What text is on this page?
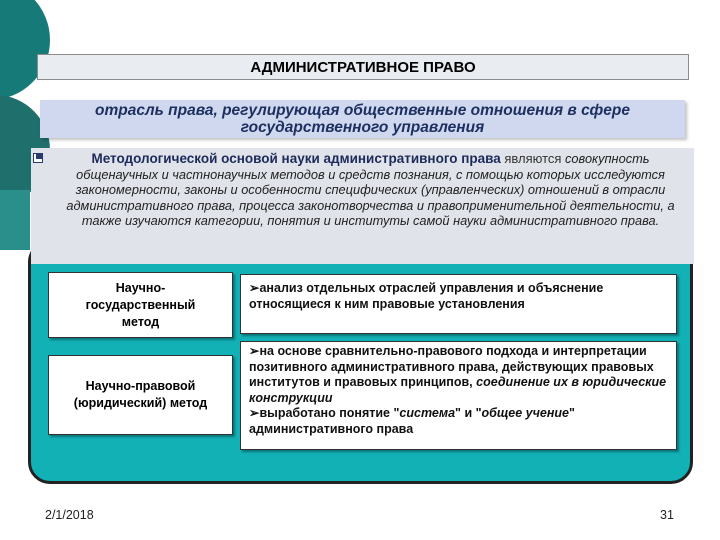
АДМИНИСТРАТИВНОЕ ПРАВО
отрасль права, регулирующая общественные отношения в сфере
государственного управления
Научно-
государственный
метод
➢анализ отдельных отраслей управления и объяснение относящиеся к ним правовые установления
Научно-правовой
(юридический) метод
➢на основе сравнительно-правового подхода и интерпретации позитивного административного права, действующих правовых институтов и правовых принципов, соединение их в юридические конструкции
➢выработано понятие "система" и "общее учение" административного права
Методологической основой науки административного права являются совокупность общенаучных и частнонаучных методов и средств познания, с помощью которых исследуются закономерности, законы и особенности специфических (управленческих) отношений в отрасли административного права, процесса законотворчества и правоприменительной деятельности, а также изучаются категории, понятия и институты самой науки административного права.
2/1/2018	31
